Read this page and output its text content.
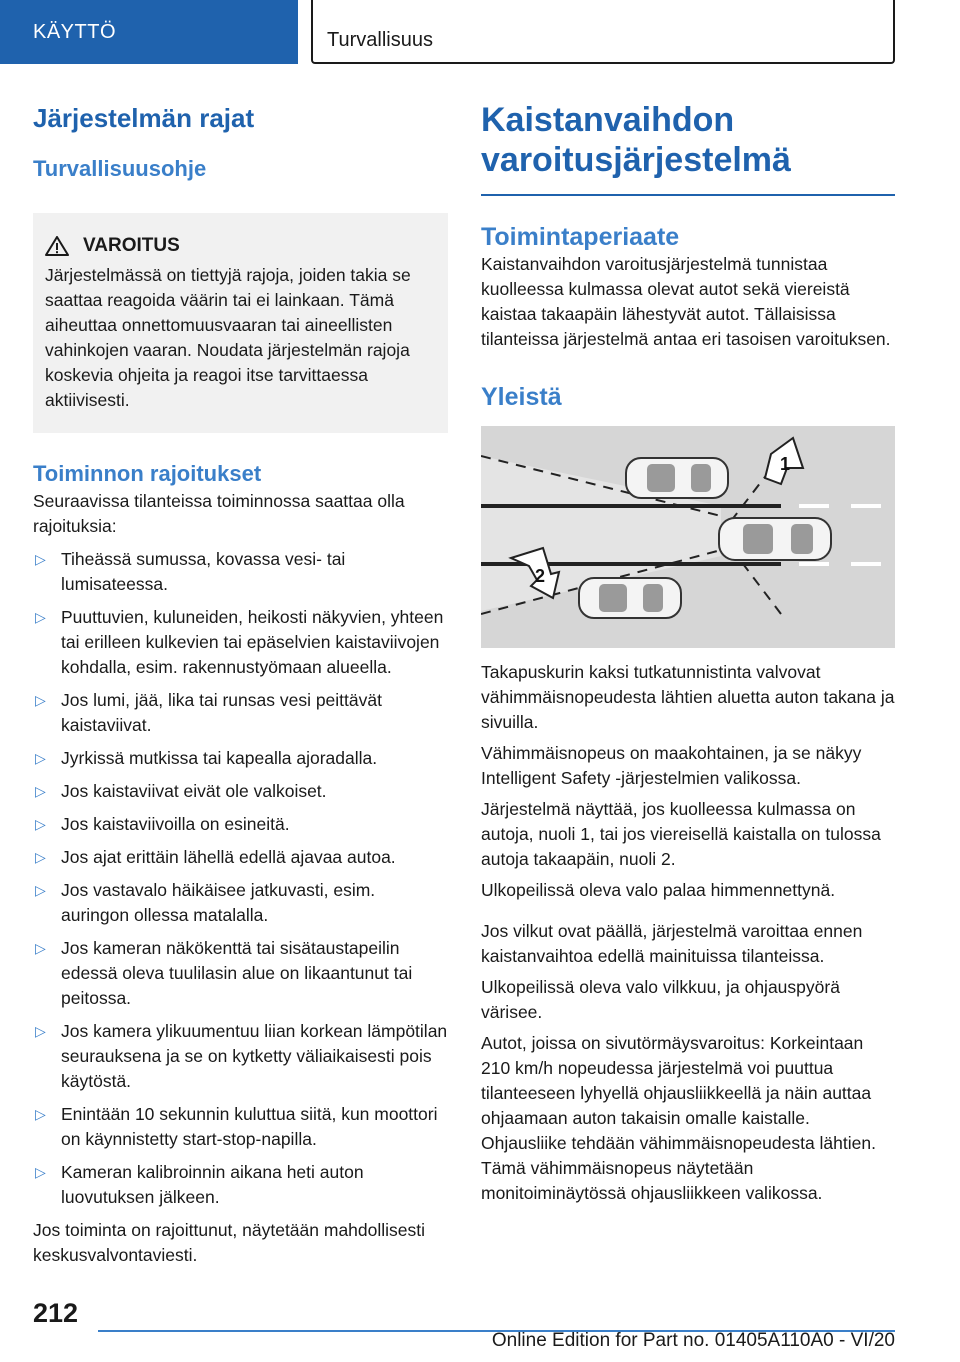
KÄYTTÖ	Turvallisuus
Järjestelmän rajat
Turvallisuusohje
VAROITUS

Järjestelmässä on tiettyjä rajoja, joiden takia se saattaa reagoida väärin tai ei lainkaan. Tämä aiheuttaa onnettomuusvaaran tai aineellisten vahinkojen vaaran. Noudata järjestelmän rajoja koskevia ohjeita ja reagoi itse tarvittaessa aktiivisesti.

Toiminnon rajoitukset

Seuraavissa tilanteissa toiminnossa saattaa olla rajoituksia:

▷ Tiheässä sumussa, kovassa vesi- tai lumisateessa.
▷ Puuttuvien, kuluneiden, heikosti näkyvien, yhteen tai erilleen kulkevien tai epäselvien kaistaviivojen kohdalla, esim. rakennustyömaan alueella.
▷ Jos lumi, jää, lika tai runsas vesi peittävät kaistaviivat.
▷ Jyrkissä mutkissa tai kapealla ajoradalla.
▷ Jos kaistaviivat eivät ole valkoiset.
▷ Jos kaistaviivoilla on esineitä.
▷ Jos ajat erittäin lähellä edellä ajavaa autoa.
▷ Jos vastavalo häikäisee jatkuvasti, esim. auringon ollessa matalalla.
▷ Jos kameran näkökenttä tai sisätaustapeilin edessä oleva tuulilasin alue on likaantunut tai peitossa.
▷ Jos kamera ylikuumentuu liian korkean lämpötilan seurauksena ja se on kytketty väliaikaisesti pois käytöstä.
▷ Enintään 10 sekunnin kuluttua siitä, kun moottori on käynnistetty start-stop-napilla.
▷ Kameran kalibroinnin aikana heti auton luovutuksen jälkeen.

Jos toiminta on rajoittunut, näytetään mahdollisesti keskusvalvontaviesti.

Kaistanvaihdon varoitusjärjestelmä
Toimintaperiaate

Kaistanvaihdon varoitusjärjestelmä tunnistaa kuolleessa kulmassa olevat autot sekä viereistä kaistaa takaapäin lähestyvät autot. Tällaisissa tilanteissa järjestelmä antaa eri tasoisen varoituksen.

Yleistä
1
2

Takapuskurin kaksi tutkatunnistinta valvovat vähimmäisnopeudesta lähtien aluetta auton takana ja sivuilla.

Vähimmäisnopeus on maakohtainen, ja se näkyy Intelligent Safety -järjestelmien valikossa.

Järjestelmä näyttää, jos kuolleessa kulmassa on autoja, nuoli 1, tai jos viereisellä kaistalla on tulossa autoja takaapäin, nuoli 2.

Ulkopeilissä oleva valo palaa himmennettynä.

Jos vilkut ovat päällä, järjestelmä varoittaa ennen kaistanvaihtoa edellä mainituissa tilanteissa.

Ulkopeilissä oleva valo vilkkuu, ja ohjauspyörä värisee.

Autot, joissa on sivutörmäysvaroitus: Korkeintaan 210 km/h nopeudessa järjestelmä voi puuttua tilanteeseen lyhyellä ohjausliikkeellä ja näin auttaa ohjaamaan auton takaisin omalle kaistalle. Ohjausliike tehdään vähimmäisnopeudesta lähtien. Tämä vähimmäisnopeus näytetään monitoiminäytössä ohjausliikkeen valikossa.

212
Online Edition for Part no. 01405A110A0 - VI/20
